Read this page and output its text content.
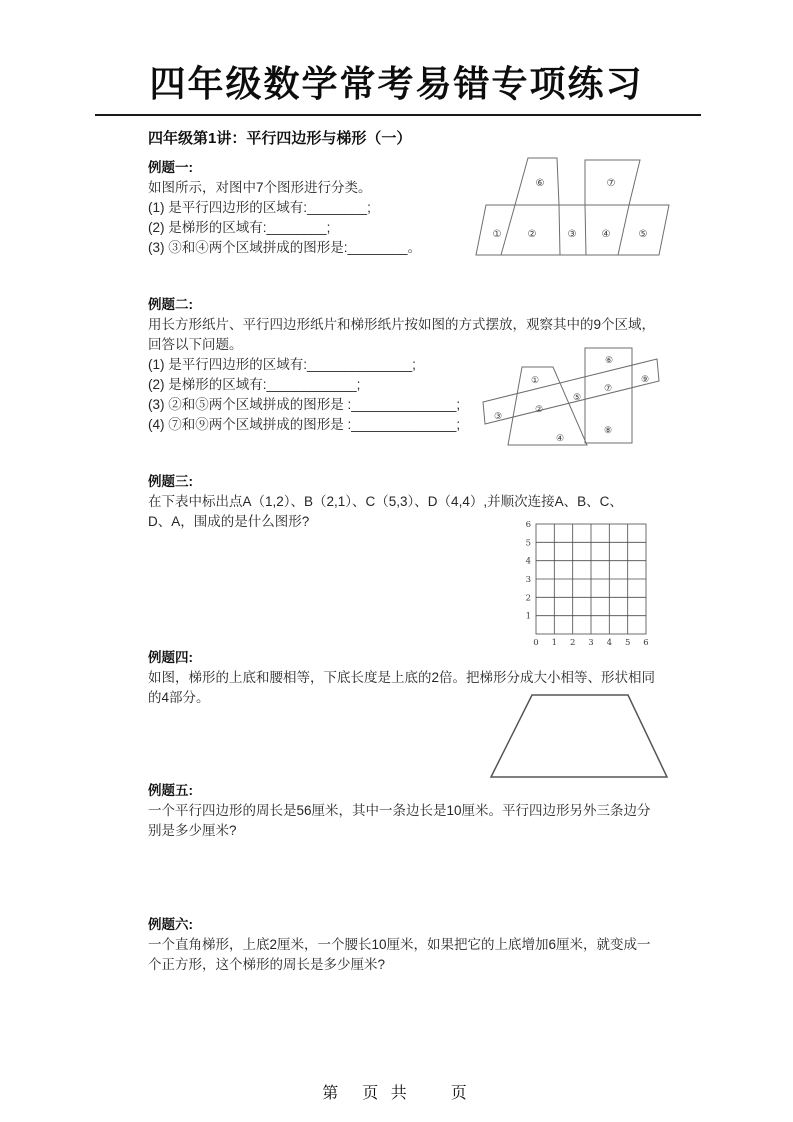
四年级数学常考易错专项练习
四年级第1讲：平行四边形与梯形（一）
例题一:
如图所示，对图中7个图形进行分类。
(1) 是平行四边形的区域有:________;
(2) 是梯形的区域有:________;
(3) ③和④两个区域拼成的图形是:________。
①	②	③	④	⑤
⑥	⑦
例题二:
用长方形纸片、平行四边形纸片和梯形纸片按如图的方式摆放，观察其中的9个区域，
回答以下问题。
(1) 是平行四边形的区域有:______________;
(2) 是梯形的区域有:____________;
(3) ②和⑤两个区域拼成的图形是 :______________;
(4) ⑦和⑨两个区域拼成的图形是 :______________;
①
②
③
④
⑤
⑥
⑦
⑧
⑨
例题三:
在下表中标出点A（1,2）、B（2,1）、C（5,3）、D（4,4）,并顺次连接A、B、C、
D、A，围成的是什么图形?	6
5
4
3
2
1
0 1 2 3 4 5 6
例题四:
如图，梯形的上底和腰相等，下底长度是上底的2倍。把梯形分成大小相等、形状相同
的4部分。
例题五:
一个平行四边形的周长是56厘米，其中一条边长是10厘米。平行四边形另外三条边分
别是多少厘米?
例题六:
一个直角梯形，上底2厘米，一个腰长10厘米，如果把它的上底增加6厘米，就变成一
个正方形，这个梯形的周长是多少厘米?
第　页 共　　页
